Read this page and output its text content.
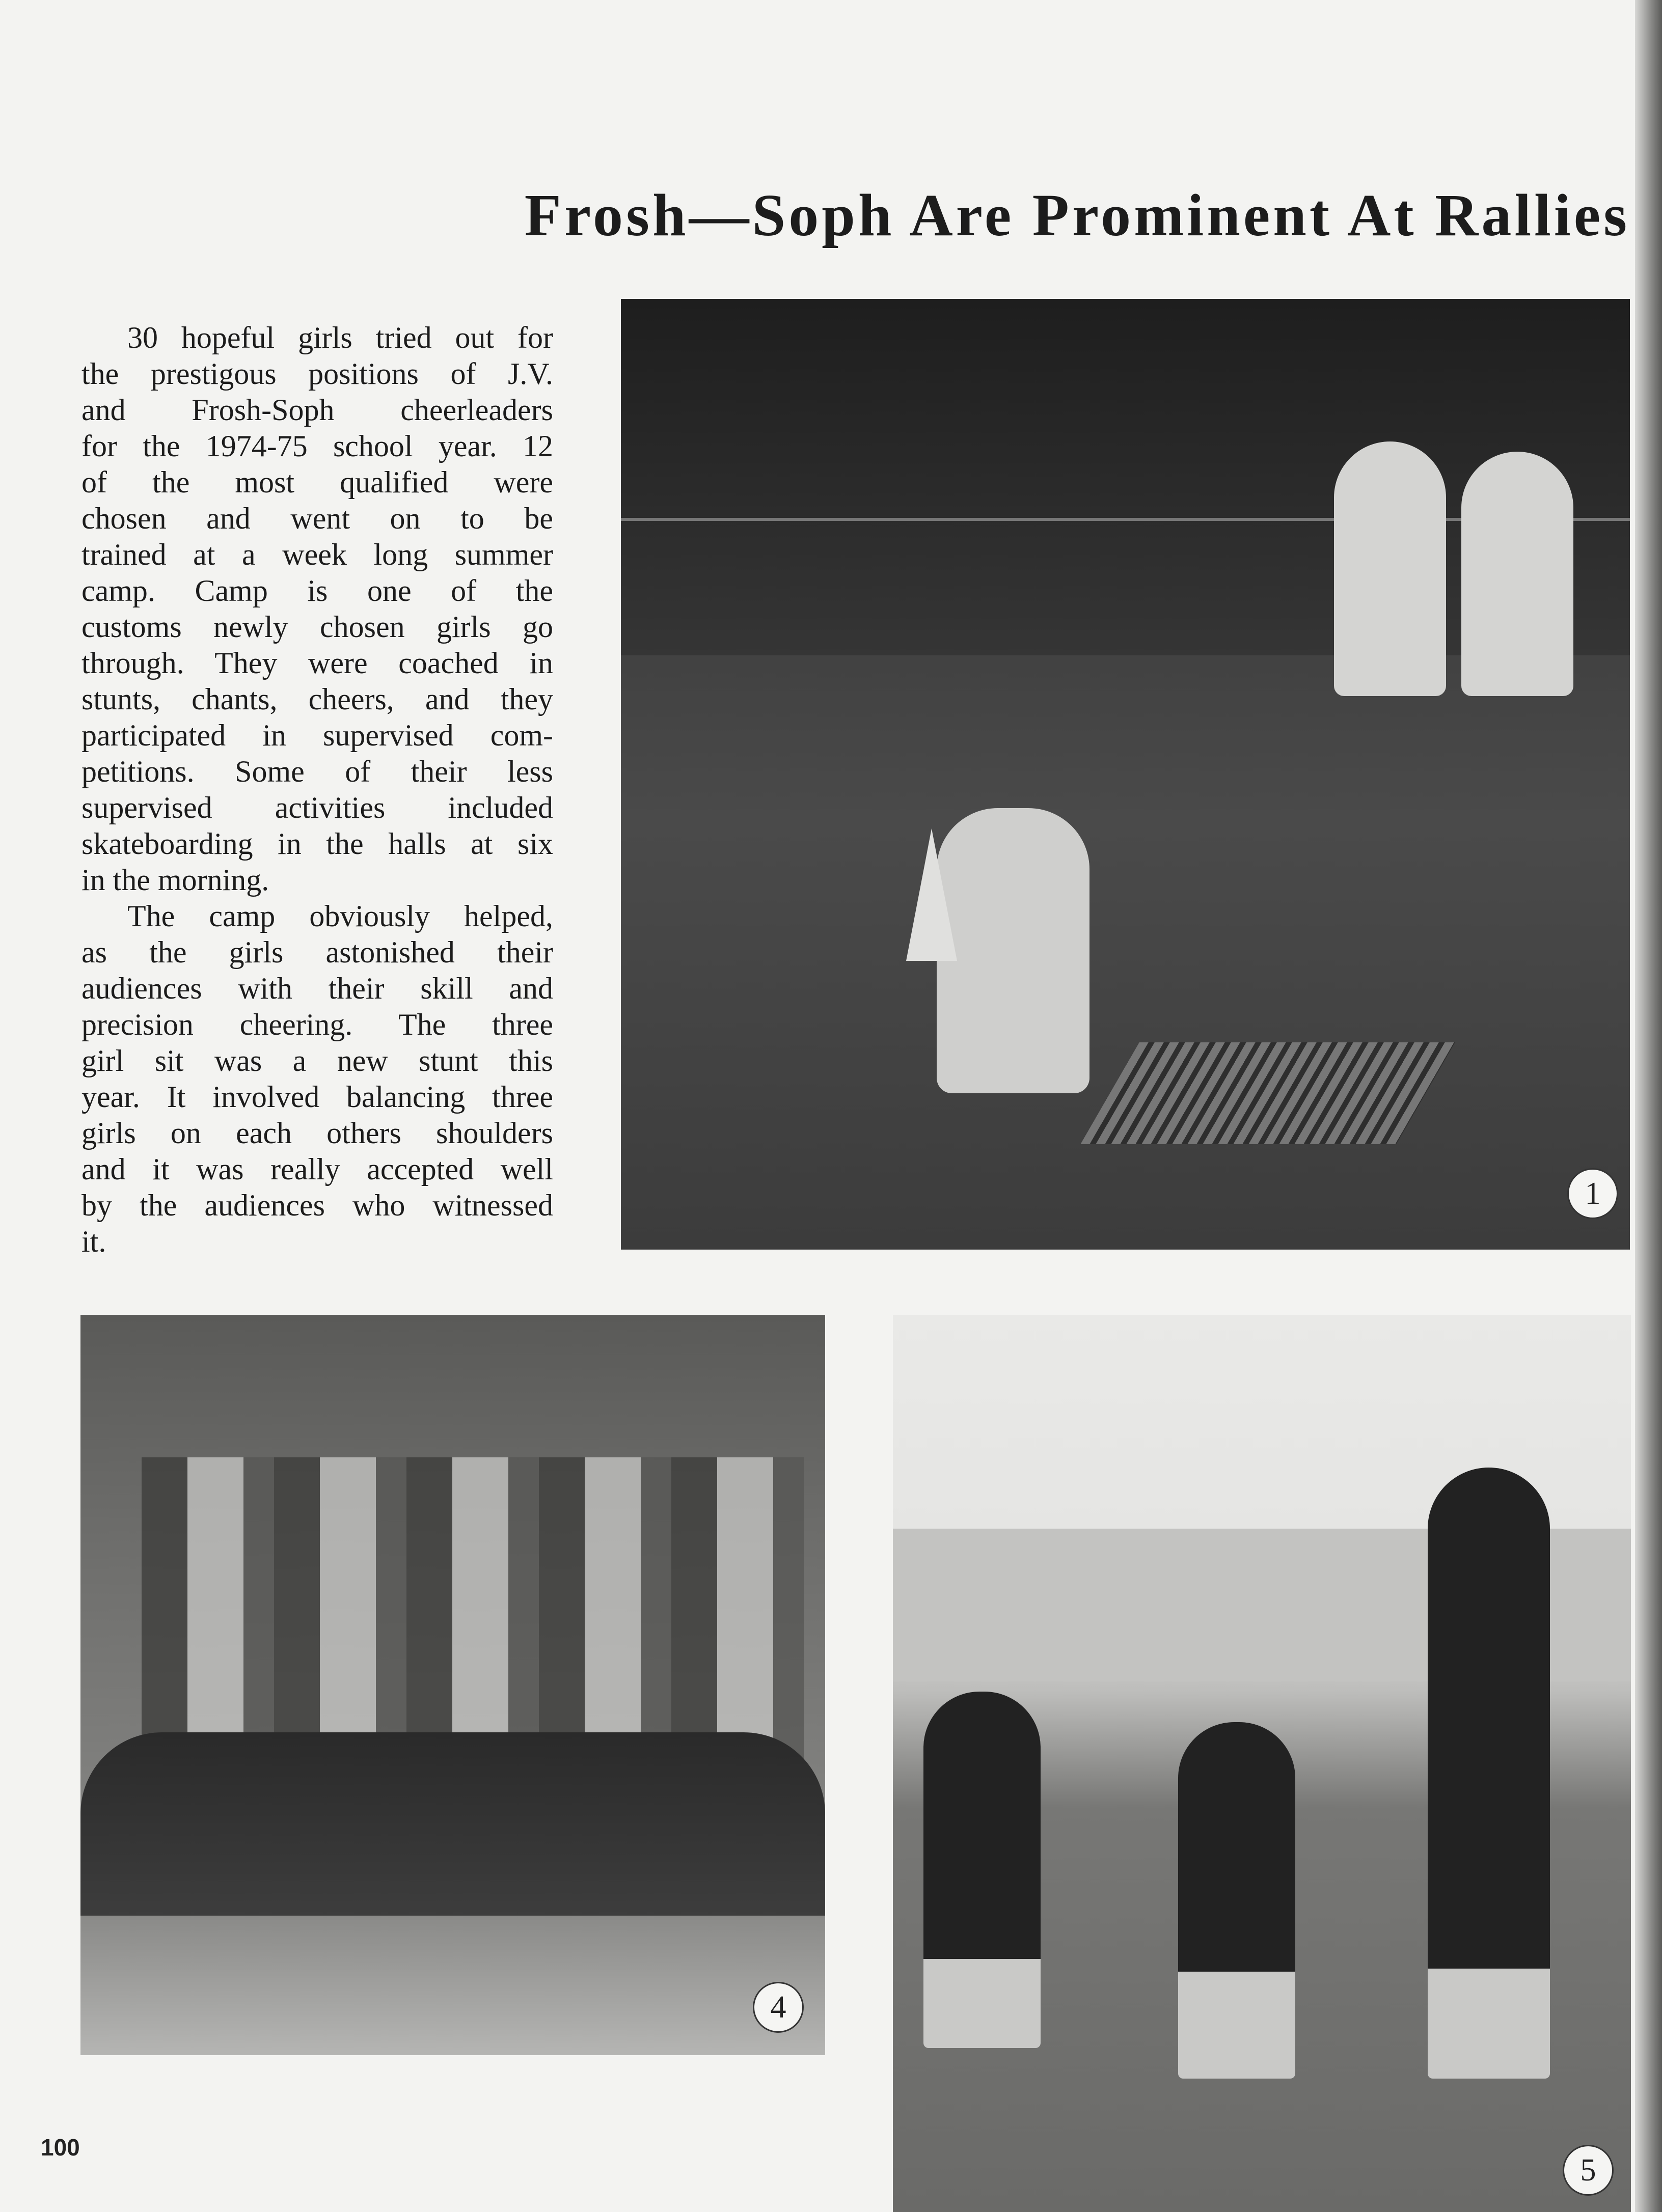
Frosh—Soph Are Prominent At Rallies
30 hopeful girls tried out for
the prestigous positions of J.V.
and Frosh-Soph cheerleaders
for the 1974-75 school year. 12
of the most qualified were
chosen and went on to be
trained at a week long summer
camp. Camp is one of the
customs newly chosen girls go
through. They were coached in
stunts, chants, cheers, and they
participated in supervised com-
petitions. Some of their less
supervised activities included
skateboarding in the halls at six
in the morning.
The camp obviously helped,
as the girls astonished their
audiences with their skill and
precision cheering. The three
girl sit was a new stunt this
year. It involved balancing three
girls on each others shoulders
and it was really accepted well
by the audiences who witnessed
it.
1
4
5
100
